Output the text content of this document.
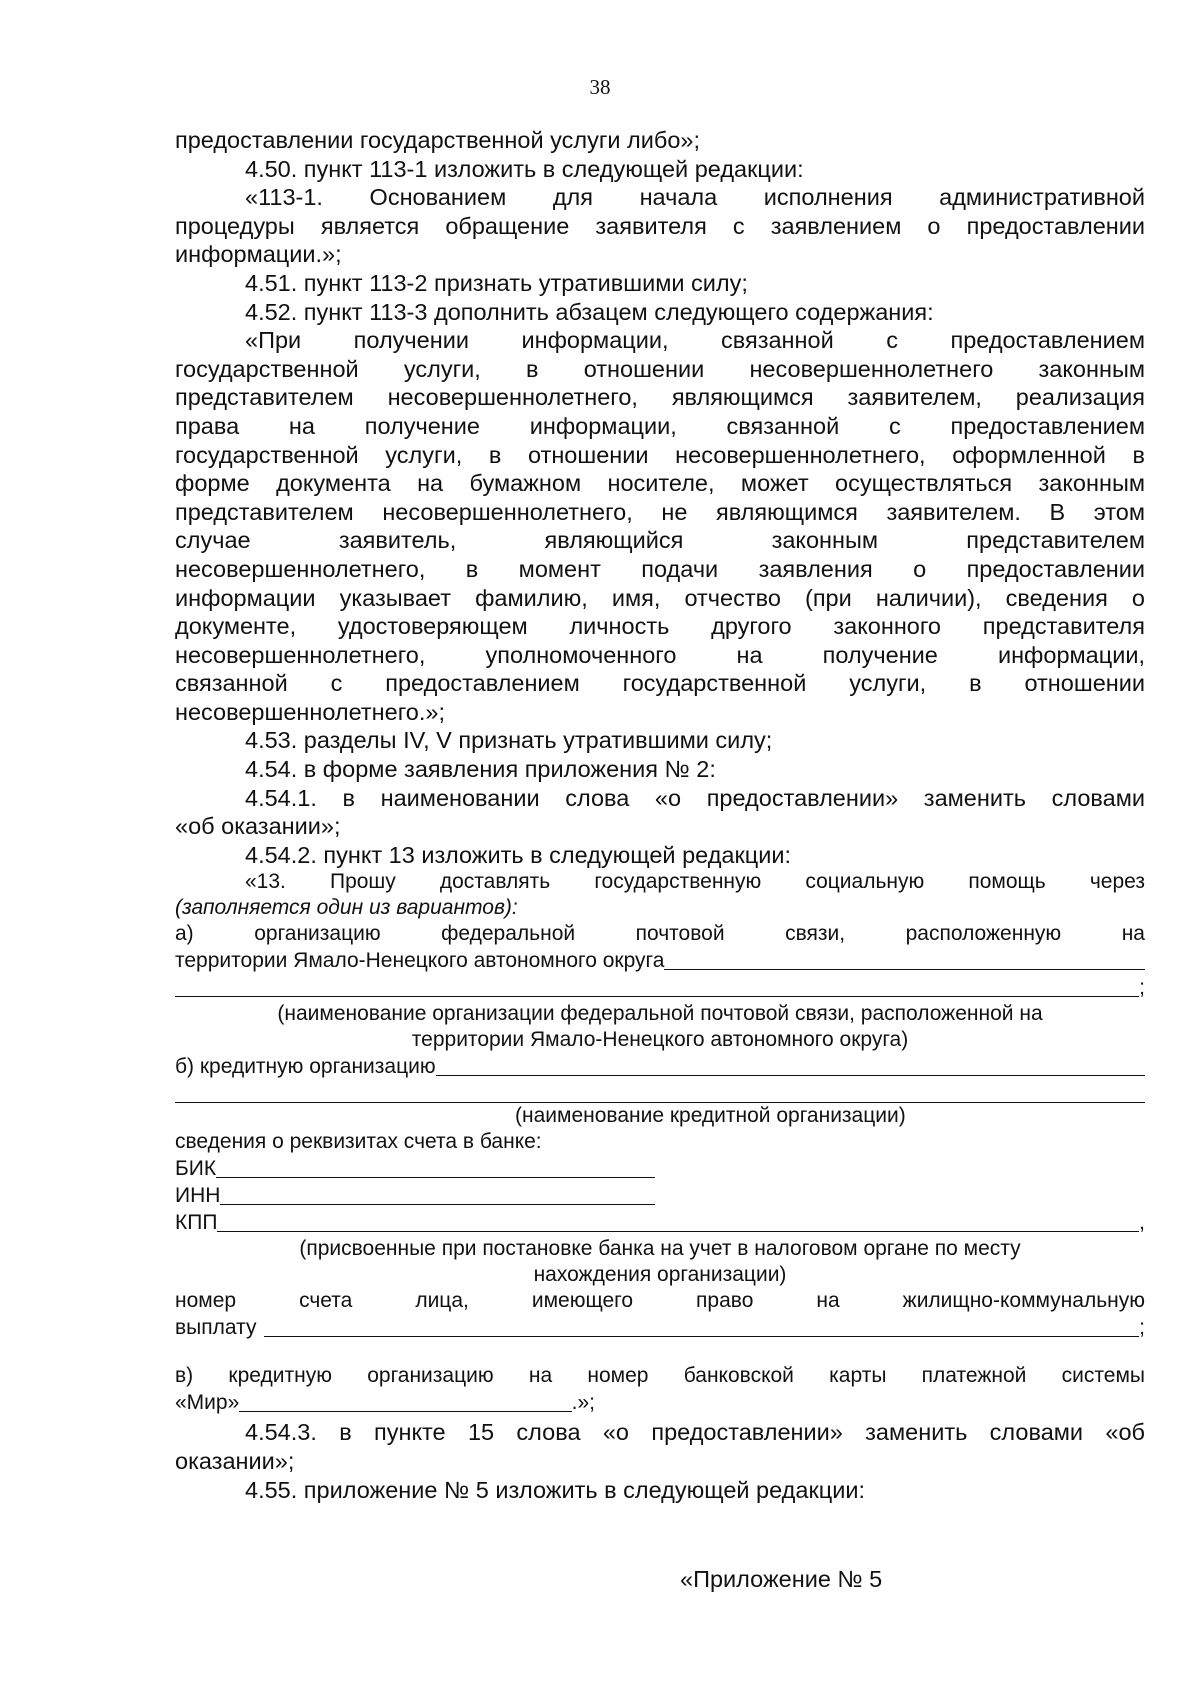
38

предоставлении государственной услуги либо»;

4.50. пункт 113-1 изложить в следующей редакции:

«113-1. Основанием для начала исполнения административной

процедуры является обращение заявителя с заявлением о предоставлении

информации.»;

4.51. пункт 113-2 признать утратившими силу;

4.52. пункт 113-3 дополнить абзацем следующего содержания:

«При получении информации, связанной с предоставлением

государственной услуги, в отношении несовершеннолетнего законным

представителем несовершеннолетнего, являющимся заявителем, реализация

права на получение информации, связанной с предоставлением

государственной услуги, в отношении несовершеннолетнего, оформленной в

форме документа на бумажном носителе, может осуществляться законным

представителем несовершеннолетнего, не являющимся заявителем. В этом

случае заявитель, являющийся законным представителем

несовершеннолетнего, в момент подачи заявления о предоставлении

информации указывает фамилию, имя, отчество (при наличии), сведения о

документе, удостоверяющем личность другого законного представителя

несовершеннолетнего, уполномоченного на получение информации,

связанной с предоставлением государственной услуги, в отношении

несовершеннолетнего.»;

4.53. разделы IV, V признать утратившими силу;

4.54. в форме заявления приложения № 2:

4.54.1. в наименовании слова «о предоставлении» заменить словами

«об оказании»;

4.54.2. пункт 13 изложить в следующей редакции:

«13. Прошу доставлять государственную социальную помощь через

(заполняется один из вариантов):

а) организацию федеральной почтовой связи, расположенную на

территории Ямало-Ненецкого автономного округа
;

(наименование организации федеральной почтовой связи, расположенной на

территории Ямало-Ненецкого автономного округа)

б) кредитную организацию

(наименование кредитной организации)

сведения о реквизитах счета в банке:

БИК
ИНН
КПП	,

(присвоенные при постановке банка на учет в налоговом органе по месту

нахождения организации)

номер счета лица, имеющего право на жилищно-коммунальную

выплату	;

в) кредитную организацию на номер банковской карты платежной системы

«Мир»	.»;

4.54.3. в пункте 15 слова «о предоставлении» заменить словами «об

оказании»;

4.55. приложение № 5 изложить в следующей редакции:

«Приложение № 5
